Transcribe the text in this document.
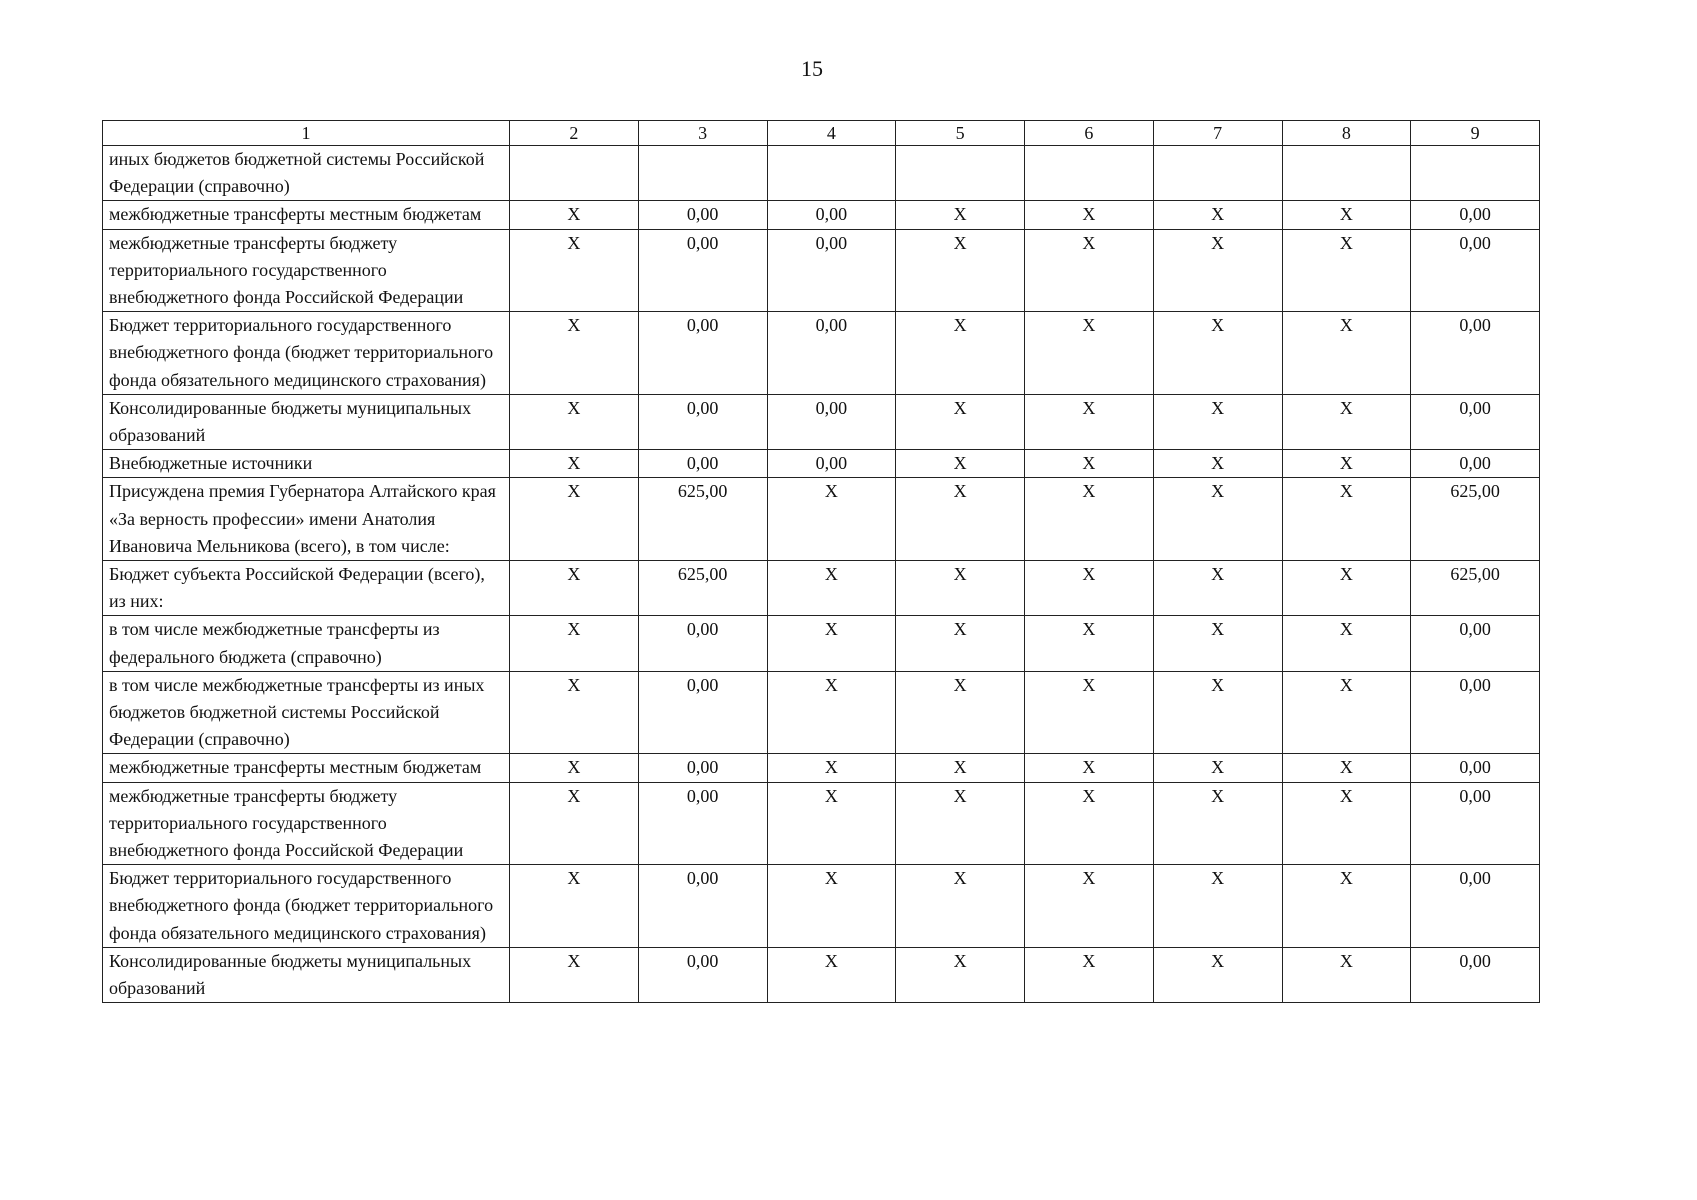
15
1	2	3	4	5	6	7	8	9
иных бюджетов бюджетной системы Российской Федерации (справочно)								
межбюджетные трансферты местным бюджетам	X	0,00	0,00	X	X	X	X	0,00
межбюджетные трансферты бюджету территориального государственного внебюджетного фонда Российской Федерации	X	0,00	0,00	X	X	X	X	0,00
Бюджет территориального государственного внебюджетного фонда (бюджет территориального фонда обязательного медицинского страхования)	X	0,00	0,00	X	X	X	X	0,00
Консолидированные бюджеты муниципальных образований	X	0,00	0,00	X	X	X	X	0,00
Внебюджетные источники	X	0,00	0,00	X	X	X	X	0,00
Присуждена премия Губернатора Алтайского края «За верность профессии» имени Анатолия Ивановича Мельникова (всего), в том числе:	X	625,00	X	X	X	X	X	625,00
Бюджет субъекта Российской Федерации (всего), из них:	X	625,00	X	X	X	X	X	625,00
в том числе межбюджетные трансферты из федерального бюджета (справочно)	X	0,00	X	X	X	X	X	0,00
в том числе межбюджетные трансферты из иных бюджетов бюджетной системы Российской Федерации (справочно)	X	0,00	X	X	X	X	X	0,00
межбюджетные трансферты местным бюджетам	X	0,00	X	X	X	X	X	0,00
межбюджетные трансферты бюджету территориального государственного внебюджетного фонда Российской Федерации	X	0,00	X	X	X	X	X	0,00
Бюджет территориального государственного внебюджетного фонда (бюджет территориального фонда обязательного медицинского страхования)	X	0,00	X	X	X	X	X	0,00
Консолидированные бюджеты муниципальных образований	X	0,00	X	X	X	X	X	0,00
